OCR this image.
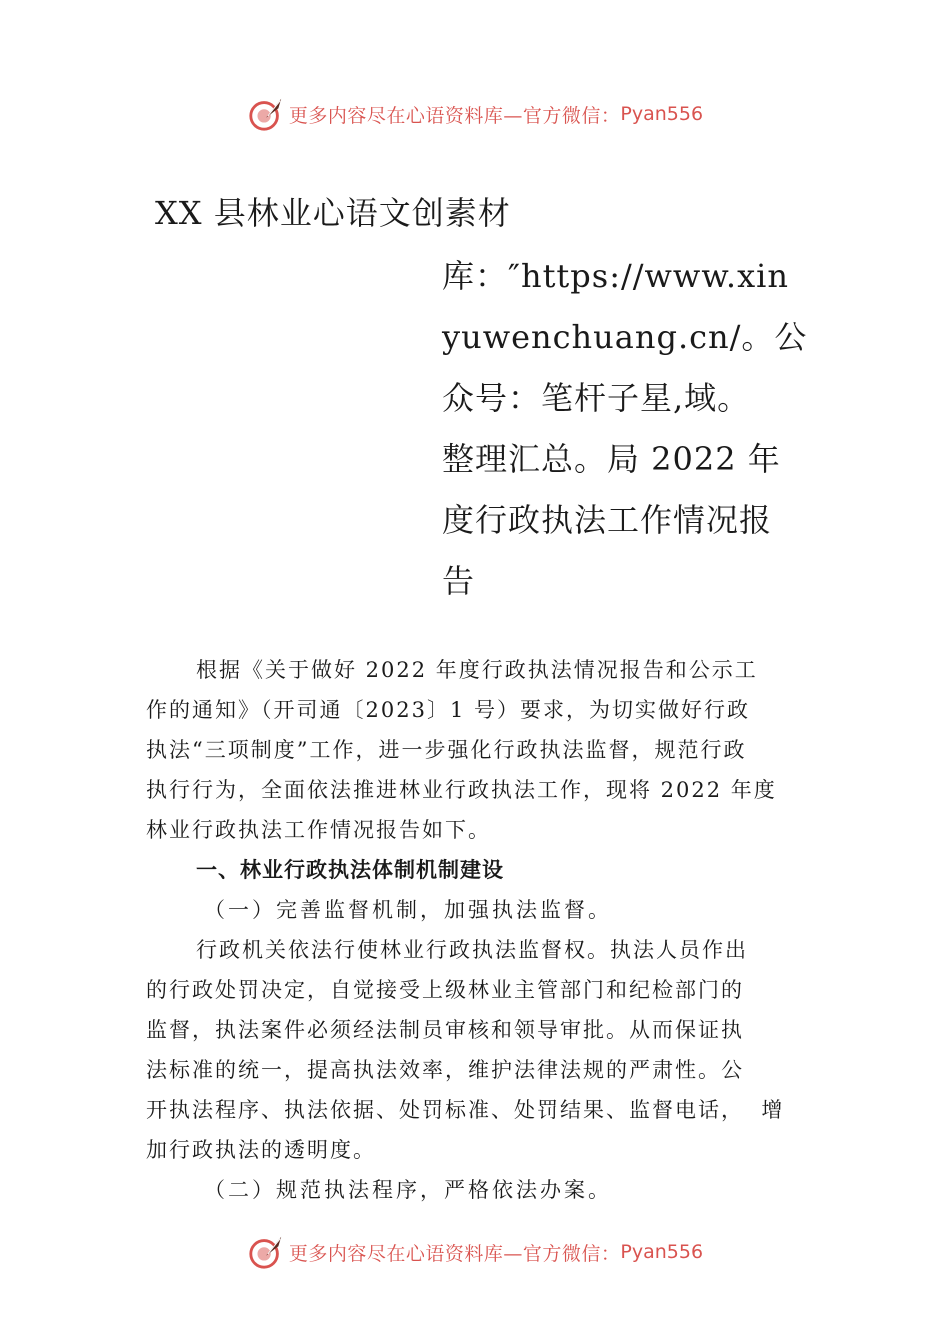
更多内容尽在心语资料库—官方微信： Pyan556
XX 县林业心语文创素材
库：″https://www.xin
yuwenchuang.cn/。公
众号：笔杆子星,域。
整理汇总。局 2022 年
度行政执法工作情况报
告

根据《关于做好 2022 年度行政执法情况报告和公示工

作的通知》（开司通〔2023〕1 号）要求，为切实做好行政

执法“三项制度”工作，进一步强化行政执法监督，规范行政

执行行为，全面依法推进林业行政执法工作，现将 2022 年度

林业行政执法工作情况报告如下。

一、林业行政执法体制机制建设

（一）完善监督机制，加强执法监督。

行政机关依法行使林业行政执法监督权。执法人员作出

的行政处罚决定，自觉接受上级林业主管部门和纪检部门的

监督，执法案件必须经法制员审核和领导审批。从而保证执

法标准的统一，提高执法效率，维护法律法规的严肃性。公

开执法程序、执法依据、处罚标准、处罚结果、监督电话，  增

加行政执法的透明度。

（二）规范执法程序，严格依法办案。

更多内容尽在心语资料库—官方微信： Pyan556
